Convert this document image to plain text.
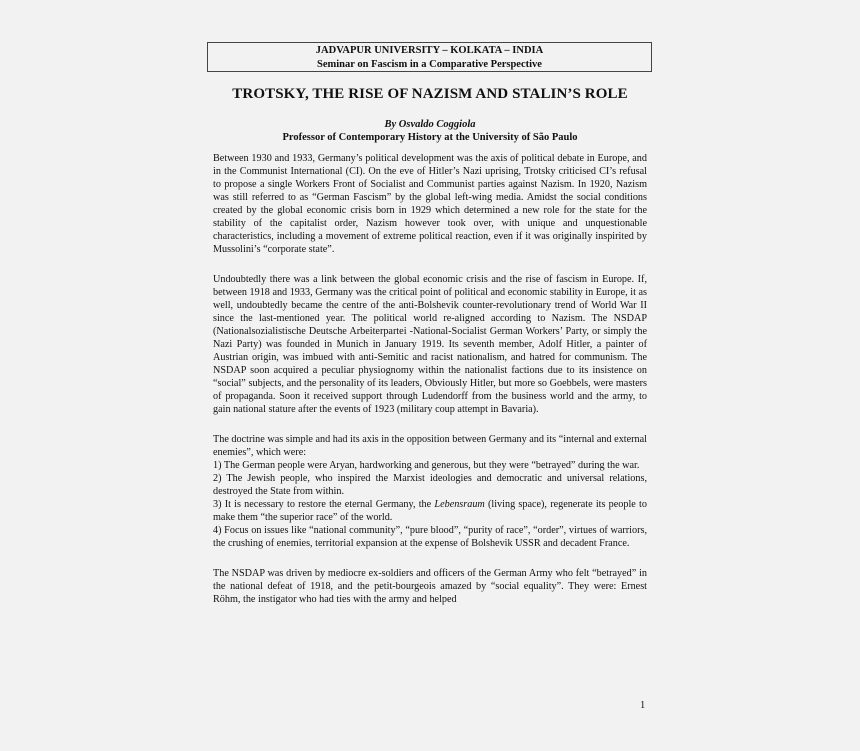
JADVAPUR UNIVERSITY – KOLKATA – INDIA
Seminar on Fascism in a Comparative Perspective
TROTSKY, THE RISE OF NAZISM AND STALIN’S ROLE
By Osvaldo Coggiola
Professor of Contemporary History at the University of São Paulo

Between 1930 and 1933, Germany’s political development was the axis of political debate in Europe, and in the Communist International (CI). On the eve of Hitler’s Nazi uprising, Trotsky criticised CI’s refusal to propose a single Workers Front of Socialist and Communist parties against Nazism. In 1920, Nazism was still referred to as “German Fascism” by the global left-wing media. Amidst the social conditions created by the global economic crisis born in 1929 which determined a new role for the state for the stability of the capitalist order, Nazism however took over, with unique and unquestionable characteristics, including a movement of extreme political reaction, even if it was originally inspirited by Mussolini’s “corporate state”.

Undoubtedly there was a link between the global economic crisis and the rise of fascism in Europe. If, between 1918 and 1933, Germany was the critical point of political and economic stability in Europe, it as well, undoubtedly became the centre of the anti-Bolshevik counter-revolutionary trend of World War II since the last-mentioned year. The political world re-aligned according to Nazism. The NSDAP (Nationalsozialistische Deutsche Arbeiterpartei -National-Socialist German Workers’ Party, or simply the Nazi Party) was founded in Munich in January 1919. Its seventh member, Adolf Hitler, a painter of Austrian origin, was imbued with anti-Semitic and racist nationalism, and hatred for communism. The NSDAP soon acquired a peculiar physiognomy within the nationalist factions due to its insistence on “social” subjects, and the personality of its leaders, Obviously Hitler, but more so Goebbels, were masters of propaganda. Soon it received support through Ludendorff from the business world and the army, to gain national stature after the events of 1923 (military coup attempt in Bavaria).

The doctrine was simple and had its axis in the opposition between Germany and its “internal and external enemies”, which were:
1) The German people were Aryan, hardworking and generous, but they were “betrayed” during the war.
2) The Jewish people, who inspired the Marxist ideologies and democratic and universal relations, destroyed the State from within.
3) It is necessary to restore the eternal Germany, the Lebensraum (living space), regenerate its people to make them “the superior race” of the world.
4) Focus on issues like “national community”, “pure blood”, “purity of race”, “order”, virtues of warriors, the crushing of enemies, territorial expansion at the expense of Bolshevik USSR and decadent France.

The NSDAP was driven by mediocre ex-soldiers and officers of the German Army who felt “betrayed” in the national defeat of 1918, and the petit-bourgeois amazed by “social equality”. They were: Ernest Röhm, the instigator who had ties with the army and helped

1
